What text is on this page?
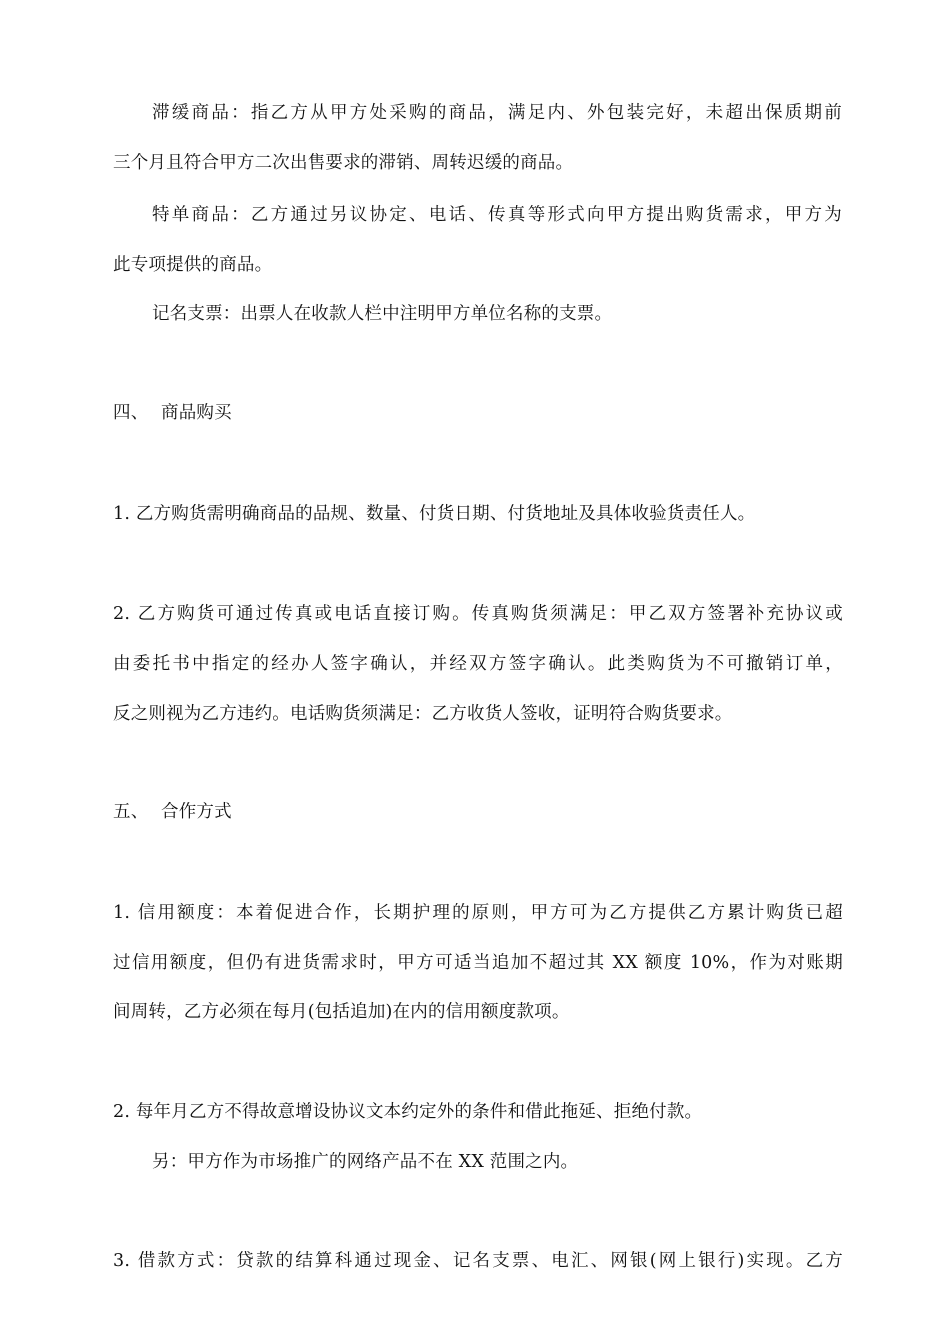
滞缓商品：指乙方从甲方处采购的商品，满足内、外包装完好，未超出保质期前
三个月且符合甲方二次出售要求的滞销、周转迟缓的商品。
特单商品：乙方通过另议协定、电话、传真等形式向甲方提出购货需求，甲方为
此专项提供的商品。
记名支票：出票人在收款人栏中注明甲方单位名称的支票。
四、 商品购买
1. 乙方购货需明确商品的品规、数量、付货日期、付货地址及具体收验货责任人。
2. 乙方购货可通过传真或电话直接订购。传真购货须满足：甲乙双方签署补充协议或
由委托书中指定的经办人签字确认，并经双方签字确认。此类购货为不可撤销订单，
反之则视为乙方违约。电话购货须满足：乙方收货人签收，证明符合购货要求。
五、 合作方式
1. 信用额度：本着促进合作，长期护理的原则，甲方可为乙方提供乙方累计购货已超
过信用额度，但仍有进货需求时，甲方可适当追加不超过其 XX 额度 10%，作为对账期
间周转，乙方必须在每月(包括追加)在内的信用额度款项。
2. 每年月乙方不得故意增设协议文本约定外的条件和借此拖延、拒绝付款。
另：甲方作为市场推广的网络产品不在 XX 范围之内。
3. 借款方式：贷款的结算科通过现金、记名支票、电汇、网银(网上银行)实现。乙方
